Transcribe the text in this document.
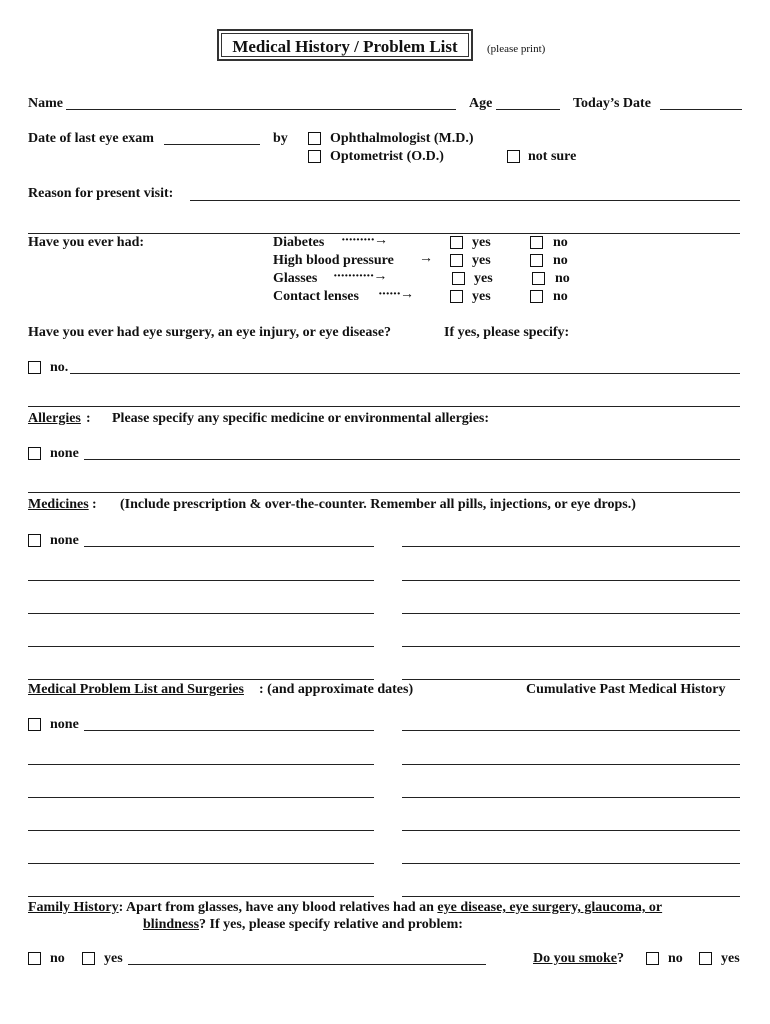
Medical History / Problem List	(please print)
Name	Age	Today’s Date
Date of last eye exam	by	Ophthalmologist (M.D.)
Optometrist (O.D.)	not sure
Reason for present visit:
Have you ever had:	Diabetes ·········→	yes	no
High blood pressure →	yes	no
Glasses ···········→	yes	no
Contact lenses ······→	yes	no
Have you ever had eye surgery, an eye injury, or eye disease?	If yes, please specify:
no.
Allergies : Please specify any specific medicine or environmental allergies:
none
Medicines : (Include prescription & over-the-counter. Remember all pills, injections, or eye drops.)
none
Medical Problem List and Surgeries : (and approximate dates)	Cumulative Past Medical History
none
Family History: Apart from glasses, have any blood relatives had an eye disease, eye surgery, glaucoma, or
blindness? If yes, please specify relative and problem:
no	yes	Do you smoke?	no	yes
